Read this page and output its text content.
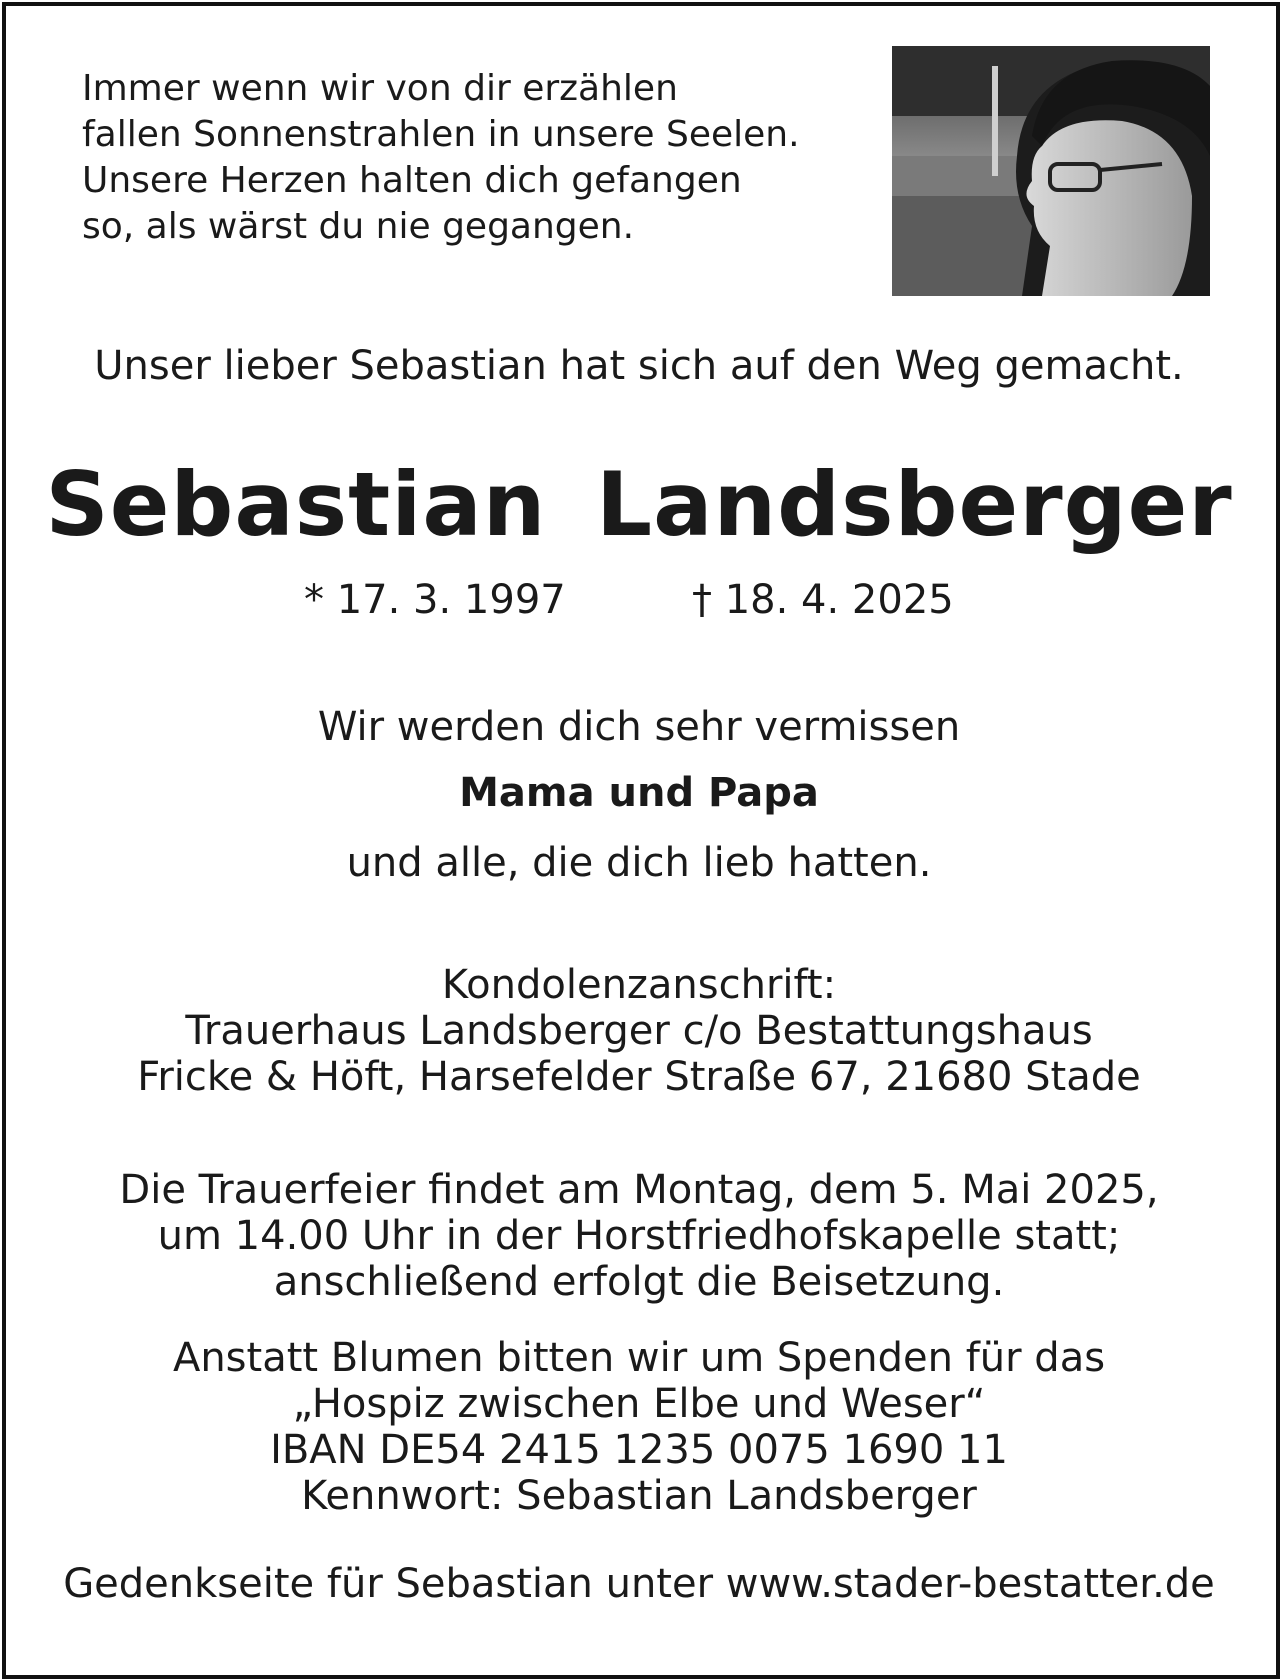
Immer wenn wir von dir erzählen
fallen Sonnenstrahlen in unsere Seelen.
Unsere Herzen halten dich gefangen
so, als wärst du nie gegangen.
Unser lieber Sebastian hat sich auf den Weg gemacht.
Sebastian Landsberger
* 17. 3. 1997	† 18. 4. 2025
Wir werden dich sehr vermissen
Mama und Papa
und alle, die dich lieb hatten.
Kondolenzanschrift:
Trauerhaus Landsberger c/o Bestattungshaus
Fricke & Höft, Harsefelder Straße 67, 21680 Stade
Die Trauerfeier findet am Montag, dem 5. Mai 2025,
um 14.00 Uhr in der Horstfriedhofskapelle statt;
anschließend erfolgt die Beisetzung.
Anstatt Blumen bitten wir um Spenden für das
„Hospiz zwischen Elbe und Weser“
IBAN DE54 2415 1235 0075 1690 11
Kennwort: Sebastian Landsberger
Gedenkseite für Sebastian unter www.stader-bestatter.de
